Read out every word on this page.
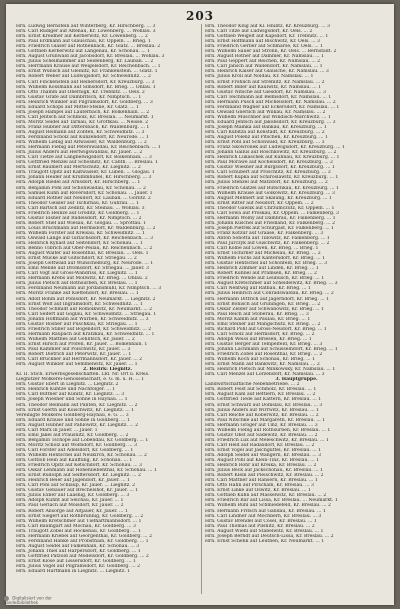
203
Hrn. Ludwig Bernstein auf Winterberg, Kr. Hirschberg. ... 3
Hrn. Carl Rüdiger auf Altenau, Kr. Löwenberg. ... Wohlau. 3
Hrn. Ernst Kreidner auf Kerberwitz, Kr. Löwenberg. ... 2
Hrn. Paul Erdmann auf Glauschau, Kr. Oppeln. ... Brieg. 1
Hrn. Friedrich Gläser auf Rothenbach, Kr. Glatz. ... Breslau. 2
Hrn. Gottlieb Kerberwitz auf Langenau, Kr. Schönau. ... 1
Hrn. August Grunwald auf Jacobsdorf, Kr. Breslau. ... Wohlau. 3
Hrn. Julius Schellhammer auf Seidenberg, Kr. Lauban. ... 2
Hrn. Herrmann Krause auf Weigelsdorf, Kr. Reichenbach. ... 1
Hrn. Ernst Wunsch auf Gleinitz, Kr. Frankenstein. ... Glatz. 1
Hrn. Robert Weber auf Ludwigsdorf, Kr. Schweidnitz. ... 2
Hrn. Carl Finckenstein auf Reinersdorf, Kr. Kreuzburg. ... 3
Hrn. Wilhelm Kossmann auf Simsdorf, Kr. Brieg. ... Ohlau. 1
Hrn. Otto Thamm auf Obernigk, Kr. Trebnitz. ... Oels. 2
Hrn. Gustav Gräfe auf Dambritsch, Kr. Nimptsch. ... 1
Hrn. Heinrich Winkler auf Pilgramsdorf, Kr. Goldberg. ... 3
Hrn. Eduard Schöps auf Mittel-Steine, Kr. Glatz. ... 1
Hrn. Joseph Hampel auf Lauterbach, Kr. Bolkenhain. ... 2
Hrn. Carl Jentsch auf Schmolz, Kr. Breslau. ... Neumarkt. 1
Hrn. Moritz Seidel auf Tarnau, Kr. Grottkau. ... Neisse. 2
Hrn. Franz Hübner auf Dittersbach, Kr. Waldenburg. ... 1
Hrn. August Reimann auf Zobten, Kr. Schweidnitz. ... 3
Hrn. Ferdinand Scholz auf Kunzendorf, Kr. Neurode. ... 1
Hrn. Wilhelm Liebig auf Altwasser, Kr. Waldenburg. ... 2
Hrn. Hermann Fiebig auf Peterswaldau, Kr. Reichenbach. ... 1
Hrn. Julius Anders auf Hertwigswaldau, Kr. Jauer. ... 2
Hrn. Carl Tietze auf Langhelwigsdorf, Kr. Bolkenhain. ... 3
Hrn. Gottfried Menzel auf Schosnitz, Kr. Canth. ... Breslau. 1
Hrn. Ernst Baumert auf Mertschütz, Kr. Liegnitz. ... 2
Hrn. Traugott Opitz auf Kaltwasser, Kr. Lüben. ... Glogau. 1
Hrn. Johann Heider auf Krummhübel, Kr. Hirschberg. ... 3
Hrn. Adolph Riedel auf Arnsdorf, Kr. Hirschberg. ... 1
Hrn. Benjamin Pohl auf Schönwaldau, Kr. Schönau. ... 2
Hrn. Samuel Kühn auf Röversdorf, Kr. Schönau. ... Jauer. 1
Hrn. Eduard Rother auf Neudorf, Kr. Lauban. ... Görlitz. 2
Hrn. Theodor Geisler auf Tschirnau, Kr. Guhrau. ... 1
Hrn. Carl Bartsch auf Zedlitz, Kr. Steinau. ... Wohlau. 3
Hrn. Friedrich Heinze auf Gröditz, Kr. Goldberg. ... 1
Hrn. Gustav Elsner auf Rudelsdorf, Kr. Nimptsch. ... 2
Hrn. Robert Stief auf Wiesau, Kr. Glogau. ... Sprottau. 1
Hrn. Louis Bruchmann auf Hermsdorf, Kr. Waldenburg. ... 2
Hrn. Wilhelm Förster auf Kreisau, Kr. Schweidnitz. ... 1
Hrn. Oswald Lange auf Girlachsdorf, Kr. Reichenbach. ... 3
Hrn. Heinrich Kynast auf Seitendorf, Kr. Schönau. ... 1
Hrn. Benno Ulbrich auf Ober-Peilau, Kr. Reichenbach. ... 2
Hrn. August Walter auf Rosenthal, Kr. Breslau. ... Oels. 1
Hrn. Ernst Mücke auf Gutschdorf, Kr. Striegau. ... 2
Hrn. Joseph Gottwald auf Wünschelburg, Kr. Neurode. ... 1
Hrn. Emil Mende auf Dromsdorf, Kr. Striegau. ... Jauer. 3
Hrn. Carl Vogt auf Gross-Wandriss, Kr. Liegnitz. ... 1
Hrn. Hermann Krebs auf Mollwitz, Kr. Brieg. ... Ohlau. 2
Hrn. Julius Pietsch auf Rothsürben, Kr. Breslau. ... 1
Hrn. Ferdinand Neumann auf Jordansmühl, Kr. Nimptsch. ... 3
Hrn. Moritz Franke auf Klettendorf, Kr. Breslau. ... 1
Hrn. Adolf Böhm auf Pohlsdorf, Kr. Neumarkt. ... Liegnitz. 2
Hrn. Ernst Wolf auf Ingramsdorf, Kr. Schweidnitz. ... 1
Hrn. Theodor Schmidt auf Romolkwitz, Kr. Neumarkt. ... 2
Hrn. Carl Seifert auf Goglau, Kr. Schweidnitz. ... Striegau. 1
Hrn. Johann Hoffmann auf Würben, Kr. Schweidnitz. ... 3
Hrn. Gustav Rösner auf Puschkau, Kr. Striegau. ... 1
Hrn. Friedrich Stiller auf Bögendorf, Kr. Schweidnitz. ... 2
Hrn. Hermann Raupach auf Kratzkau, Kr. Schweidnitz. ... 1
Hrn. Wilhelm Matthes auf Gohlitsch, Kr. Jauer. ... 2
Hrn. Ernst Hirsch auf Profen, Kr. Jauer. ... Bolkenhain. 1
Hrn. Paul Kammler auf Poischwitz, Kr. Jauer. ... 3
Hrn. Robert Dietrich auf Peterwitz, Kr. Jauer. ... 1
Hrn. Carl Brückner auf Herrmannsdorf, Kr. Jauer. ... 2
Hrn. August Winkler auf Semmelwitz, Kr. Jauer. ... 1
2. Bezirk: Liegnitz.
Kl. II. Stich. Erwerbsgesellschaften. Lfd. Nr. Ort u. Kreis.
Liegnitzer Molkerei-Genossenschaft, e. G. m. u. H. ... 1
Hrn. Gustav Ebert in Liegnitz. ... Liegnitz. 2
Hrn. Heinrich Kuntze und Nachfolger. ... 1
Hrn. Carl Büttner auf Kunitz, Kr. Liegnitz. ... 3
Hrn. Joseph Wiesner und Söhne in Haynau. ... 1
Hrn. Theodor Reimann auf Panten, Kr. Liegnitz. ... 2
Hrn. Ernst Gierth auf Koischwitz, Kr. Liegnitz. ... 1
Vereinigte Molkerei Goldberg-Haynau, e. G. ... 3
Hrn. Eduard Krause und Söhne in Goldberg. ... 1
Hrn. August Hübner auf Pahlowitz, Kr. Liegnitz. ... 2
Hrn. Carl Marx in Jauer. ... Jauer. 1
Hrn. Emil Jäkel auf Prausnitz, Kr. Goldberg. ... 2
Hrn. Benjamin Tschöpe auf Lobendau, Kr. Goldberg. ... 1
Hrn. Moritz Scholz auf Wolfsdorf, Kr. Goldberg. ... 3
Hrn. Carl Förster auf Adelsdorf, Kr. Goldberg. ... 1
Hrn. Wilhelm Hentschel auf Neukirch, Kr. Schönau. ... 2
Hrn. Gottlob Hein auf Kauffung, Kr. Schönau. ... 1
Hrn. Friedrich Opitz auf Ketschdorf, Kr. Schönau. ... 3
Hrn. Oskar Lehmann auf Hohenliebenthal, Kr. Schönau. ... 1
Hrn. Ernst Rudolph auf Seiffersdorf, Kr. Liegnitz. ... 2
Hrn. Heinrich Beier auf Jägendorf, Kr. Jauer. ... 1
Hrn. Carl Pohl auf Schlaup, Kr. Jauer. ... Liegnitz. 2
Hrn. Gustav Gebauer auf Brechelshof, Kr. Jauer. ... 1
Hrn. Julius Exner auf Laasnig, Kr. Goldberg. ... 3
Hrn. Adolph Kuhnt auf Seichau, Kr. Jauer. ... 1
Hrn. Paul Gerlach auf Moisdorf, Kr. Jauer. ... 2
Hrn. Robert Ansorge auf Altjauer, Kr. Jauer. ... 1
Hrn. Ernst Siegert auf Rothbrünnig, Kr. Goldberg. ... 2
Hrn. Wilhelm Kretschmer auf Tiefhartmannsdorf. ... 1
Hrn. Carl Baumgart auf Mochau, Kr. Goldberg. ... 3
Hrn. Traugott Zobel auf Hockenau, Kr. Goldberg. ... 1
Hrn. Hermann Kriebel auf Georgenthal, Kr. Goldberg. ... 2
Hrn. Ferdinand Hanke auf Probsthain, Kr. Goldberg. ... 1
Hrn. August Seidel auf Falkenhain, Kr. Schönau. ... 3
Hrn. Johann Thiel auf Harpersdorf, Kr. Goldberg. ... 1
Hrn. Gottfried Pätzold auf Modelsdorf, Kr. Goldberg. ... 2
Hrn. Ernst Klose auf Leisersdorf, Kr. Goldberg. ... 1
Hrn. Julius Vogel auf Pilgramsdorf, Kr. Goldberg. ... 2
Hrn. Eduard Hartmann in Liegnitz. ... Liegnitz. 1
Hrn. Theodor Klug auf Kl. Hnilitz, Kr. Kreuzburg. ... 3
Hrn. Carl Titze auf Ludwigsdorf, Kr. Oels. ... 2
Hrn. Gottlieb Weigelt auf Kapsdorf, Kr. Trebnitz. ... 1
Hrn. Ernst Hoffmann auf Bischwitz, Kr. Oels. ... 3
Hrn. Friedrich Gerber auf Schmarse, Kr. Oels. ... 1
Hrn. Wilhelm Sauer auf Stronn, Kr. Oels. ... Bernstadt. 2
Hrn. August Rother auf Dammer, Kr. Namslau. ... 1
Hrn. Paul Geppert auf Reichen, Kr. Namslau. ... 2
Hrn. Carl Jänsch auf Wallendorf, Kr. Namslau. ... 1
Hrn. Heinrich Kaiser auf Glausche, Kr. Namslau. ... 3
Hrn. Julius Kroll auf Noldau, Kr. Namslau. ... 1
Hrn. Ernst Fröhlich auf Strehlitz, Kr. Namslau. ... 2
Hrn. Robert Biller auf Kaulwitz, Kr. Namslau. ... 1
Hrn. Gustav Nitsche auf Giesdorf, Kr. Namslau. ... 3
Hrn. Carl Teichmann auf Belmsdorf, Kr. Namslau. ... 1
Hrn. Hermann Pusch auf Michelsdorf, Kr. Namslau. ... 2
Hrn. Ferdinand Wagner auf Eckersdorf, Kr. Namslau. ... 1
Hrn. Oswald Gnerlich auf Wilkau, Kr. Namslau. ... 2
Hrn. Wilhelm Muschner auf Windisch-Marchwitz. ... 1
Hrn. Eduard Jentsch auf Jakobsdorf, Kr. Kreuzburg. ... 3
Hrn. Joseph Mainka auf Bankau, Kr. Kreuzburg. ... 1
Hrn. Carl Kubitza auf Konstadt, Kr. Kreuzburg. ... 2
Hrn. August Polenz auf Pitschen, Kr. Kreuzburg. ... 1
Hrn. Ernst Pohl auf Schönwald, Kr. Kreuzburg. ... 3
Hrn. Franz Skowronek auf Ludwigsdorf, Kr. Kreuzburg. ... 1
Hrn. Johann Gallus auf Roschkowitz, Kr. Kreuzburg. ... 2
Hrn. Heinrich Lukaschek auf Kuhnau, Kr. Kreuzburg. ... 1
Hrn. Paul Morawe auf Kochelsdorf, Kr. Kreuzburg. ... 2
Hrn. Gustav Wiesner auf Bürgsdorf, Kr. Kreuzburg. ... 1
Hrn. Carl Schubert auf Proschlitz, Kr. Kreuzburg. ... 3
Hrn. Robert Kupka auf Schiroslawitz, Kr. Kreuzburg. ... 1
Hrn. Julius Stenzel auf Matzdorf, Kr. Kreuzburg. ... 2
Hrn. Friedrich Glatzel auf Butschkau, Kr. Kreuzburg. ... 1
Hrn. Wilhelm Krause auf Golkowitz, Kr. Kreuzburg. ... 3
Hrn. August Mehnert auf Skalung, Kr. Kreuzburg. ... 1
Hrn. Ernst Ritter auf Neudorf, Kr. Oppeln. ... 2
Hrn. Theodor Gawlik auf Chrzumczütz, Kr. Oppeln. ... 1
Hrn. Carl Sowa auf Proskau, Kr. Oppeln. ... Falkenberg. 3
Hrn. Hermann Wolny auf Dambrau, Kr. Falkenberg. ... 1
Hrn. Johann Kuschel auf Friedland, Kr. Falkenberg. ... 2
Hrn. Joseph Pietrek auf Schurgast, Kr. Falkenberg. ... 1
Hrn. Franz Kotzur auf Graase, Kr. Falkenberg. ... 3
Hrn. Anton Sobotta auf Tillowitz, Kr. Falkenberg. ... 1
Hrn. Paul Jurczyk auf Guschwitz, Kr. Falkenberg. ... 2
Hrn. Carl Kolbe auf Löwen, Kr. Brieg. ... Brieg. 1
Hrn. Ernst Tschirner auf Michelau, Kr. Brieg. ... 2
Hrn. Wilhelm Fuchs auf Kantersdorf, Kr. Brieg. ... 1
Hrn. Gustav Hentschel auf Schönfeld, Kr. Brieg. ... 3
Hrn. Heinrich Zimmer auf Linden, Kr. Brieg. ... 1
Hrn. Robert Kühnel auf Pramsen, Kr. Brieg. ... 2
Hrn. Friedrich Wende auf Leubusch, Kr. Brieg. ... 1
Hrn. August Kretschmer auf Scheidelwitz, Kr. Brieg. ... 3
Hrn. Carl Nentwig auf Rathau, Kr. Brieg. ... 1
Hrn. Julius Heinrich auf Conradswaldau, Kr. Brieg. ... 2
Hrn. Hermann Dittrich auf Jägerndorf, Kr. Brieg. ... 1
Hrn. Ernst Bönisch auf Grüningen, Kr. Brieg. ... 2
Hrn. Oskar Zelder auf Schwanowitz, Kr. Brieg. ... 1
Hrn. Paul Reich auf Stoberau, Kr. Brieg. ... 3
Hrn. Moritz Kamm auf Paulau, Kr. Brieg. ... 1
Hrn. Emil Steiner auf Mangschütz, Kr. Brieg. ... 2
Hrn. Richard Pohl auf Gross-Neudorf, Kr. Brieg. ... 1
Hrn. Carl Scholz auf Hermsdorf, Kr. Brieg. ... 2
Hrn. Adolph Weiss auf Briesen, Kr. Brieg. ... 1
Hrn. Gustav Berger auf Tempelfeld, Kr. Brieg. ... 3
Hrn. Johann Lachmann auf Schüsselndorf, Kr. Brieg. ... 1
Hrn. Friedrich Zobel auf Rosenthal, Kr. Brieg. ... 2
Hrn. Wilhelm Koch auf Schönau, Kr. Brieg. ... 1
Hrn. Ernst Mann auf Bankwitz, Kr. Namslau. ... 2
Hrn. Heinrich Pietsch auf Minkowsky, Kr. Namslau. ... 1
Hrn. Carl Menzel auf Lorzendorf, Kr. Namslau. ... 3
3. Hauptgruppe.
Landwirtschaftliche Nebenbetriebe. ... 2
Hrn. Robert Feist auf Schmolz, Kr. Breslau. ... 1
Hrn. August Kahl auf Bettlern, Kr. Breslau. ... 2
Hrn. Gottfried Tiede auf Kattern, Kr. Breslau. ... 1
Hrn. Ernst Schwarz auf Domslau, Kr. Breslau. ... 3
Hrn. Julius Anders auf Wirrwitz, Kr. Breslau. ... 1
Hrn. Carl Reiche auf Koberwitz, Kr. Breslau. ... 2
Hrn. Paul Nitschke auf Margareth, Kr. Breslau. ... 1
Hrn. Hermann Gröger auf Tinz, Kr. Breslau. ... 3
Hrn. Wilhelm Fiebig auf Rothsürben, Kr. Breslau. ... 1
Hrn. Gustav Obst auf Sadewitz, Kr. Breslau. ... 2
Hrn. Friedrich Lux auf Meleschwitz, Kr. Breslau. ... 1
Hrn. Carl Held auf Radaxdorf, Kr. Breslau. ... 2
Hrn. Ernst Vogel auf Jäschgüttel, Kr. Breslau. ... 1
Hrn. Adolph Seidel auf Wangern, Kr. Breslau. ... 3
Hrn. August Pohl auf Klein-Tinz, Kr. Breslau. ... 1
Hrn. Heinrich Röhr auf Kreika, Kr. Breslau. ... 2
Hrn. Julius Beck auf Jackschönau, Kr. Breslau. ... 1
Hrn. Robert Klein auf Pleischwitz, Kr. Breslau. ... 2
Hrn. Carl Mattner auf Ransern, Kr. Breslau. ... 1
Hrn. Otto Hahn auf Pirscham, Kr. Breslau. ... 3
Hrn. Ernst Linke auf Oswitz, Kr. Breslau. ... 1
Hrn. Gottlieb Kuhn auf Masselwitz, Kr. Breslau. ... 2
Hrn. Friedrich Bär auf Lissa, Kr. Breslau. ... Neumarkt. 1
Hrn. Wilhelm Buhl auf Schmiedefeld, Kr. Breslau. ... 2
Hrn. Hermann Fritsch auf Gandau, Kr. Breslau. ... 1
Hrn. Carl Lindner auf Mochbern, Kr. Breslau. ... 3
Hrn. Gustav Brendel auf Cosel, Kr. Breslau. ... 1
Hrn. Paul Thomas auf Pilsnitz, Kr. Breslau. ... 2
Hrn. August Wiehl auf Stabelwitz, Kr. Breslau. ... 1
Hrn. Joseph Berndt auf Deutsch-Lissa, Kr. Breslau. ... 2
Hrn. Ernst Schenk auf Leuthen, Kr. Neumarkt. ... 1
Digitalisiert von der
Landesbibliothek
